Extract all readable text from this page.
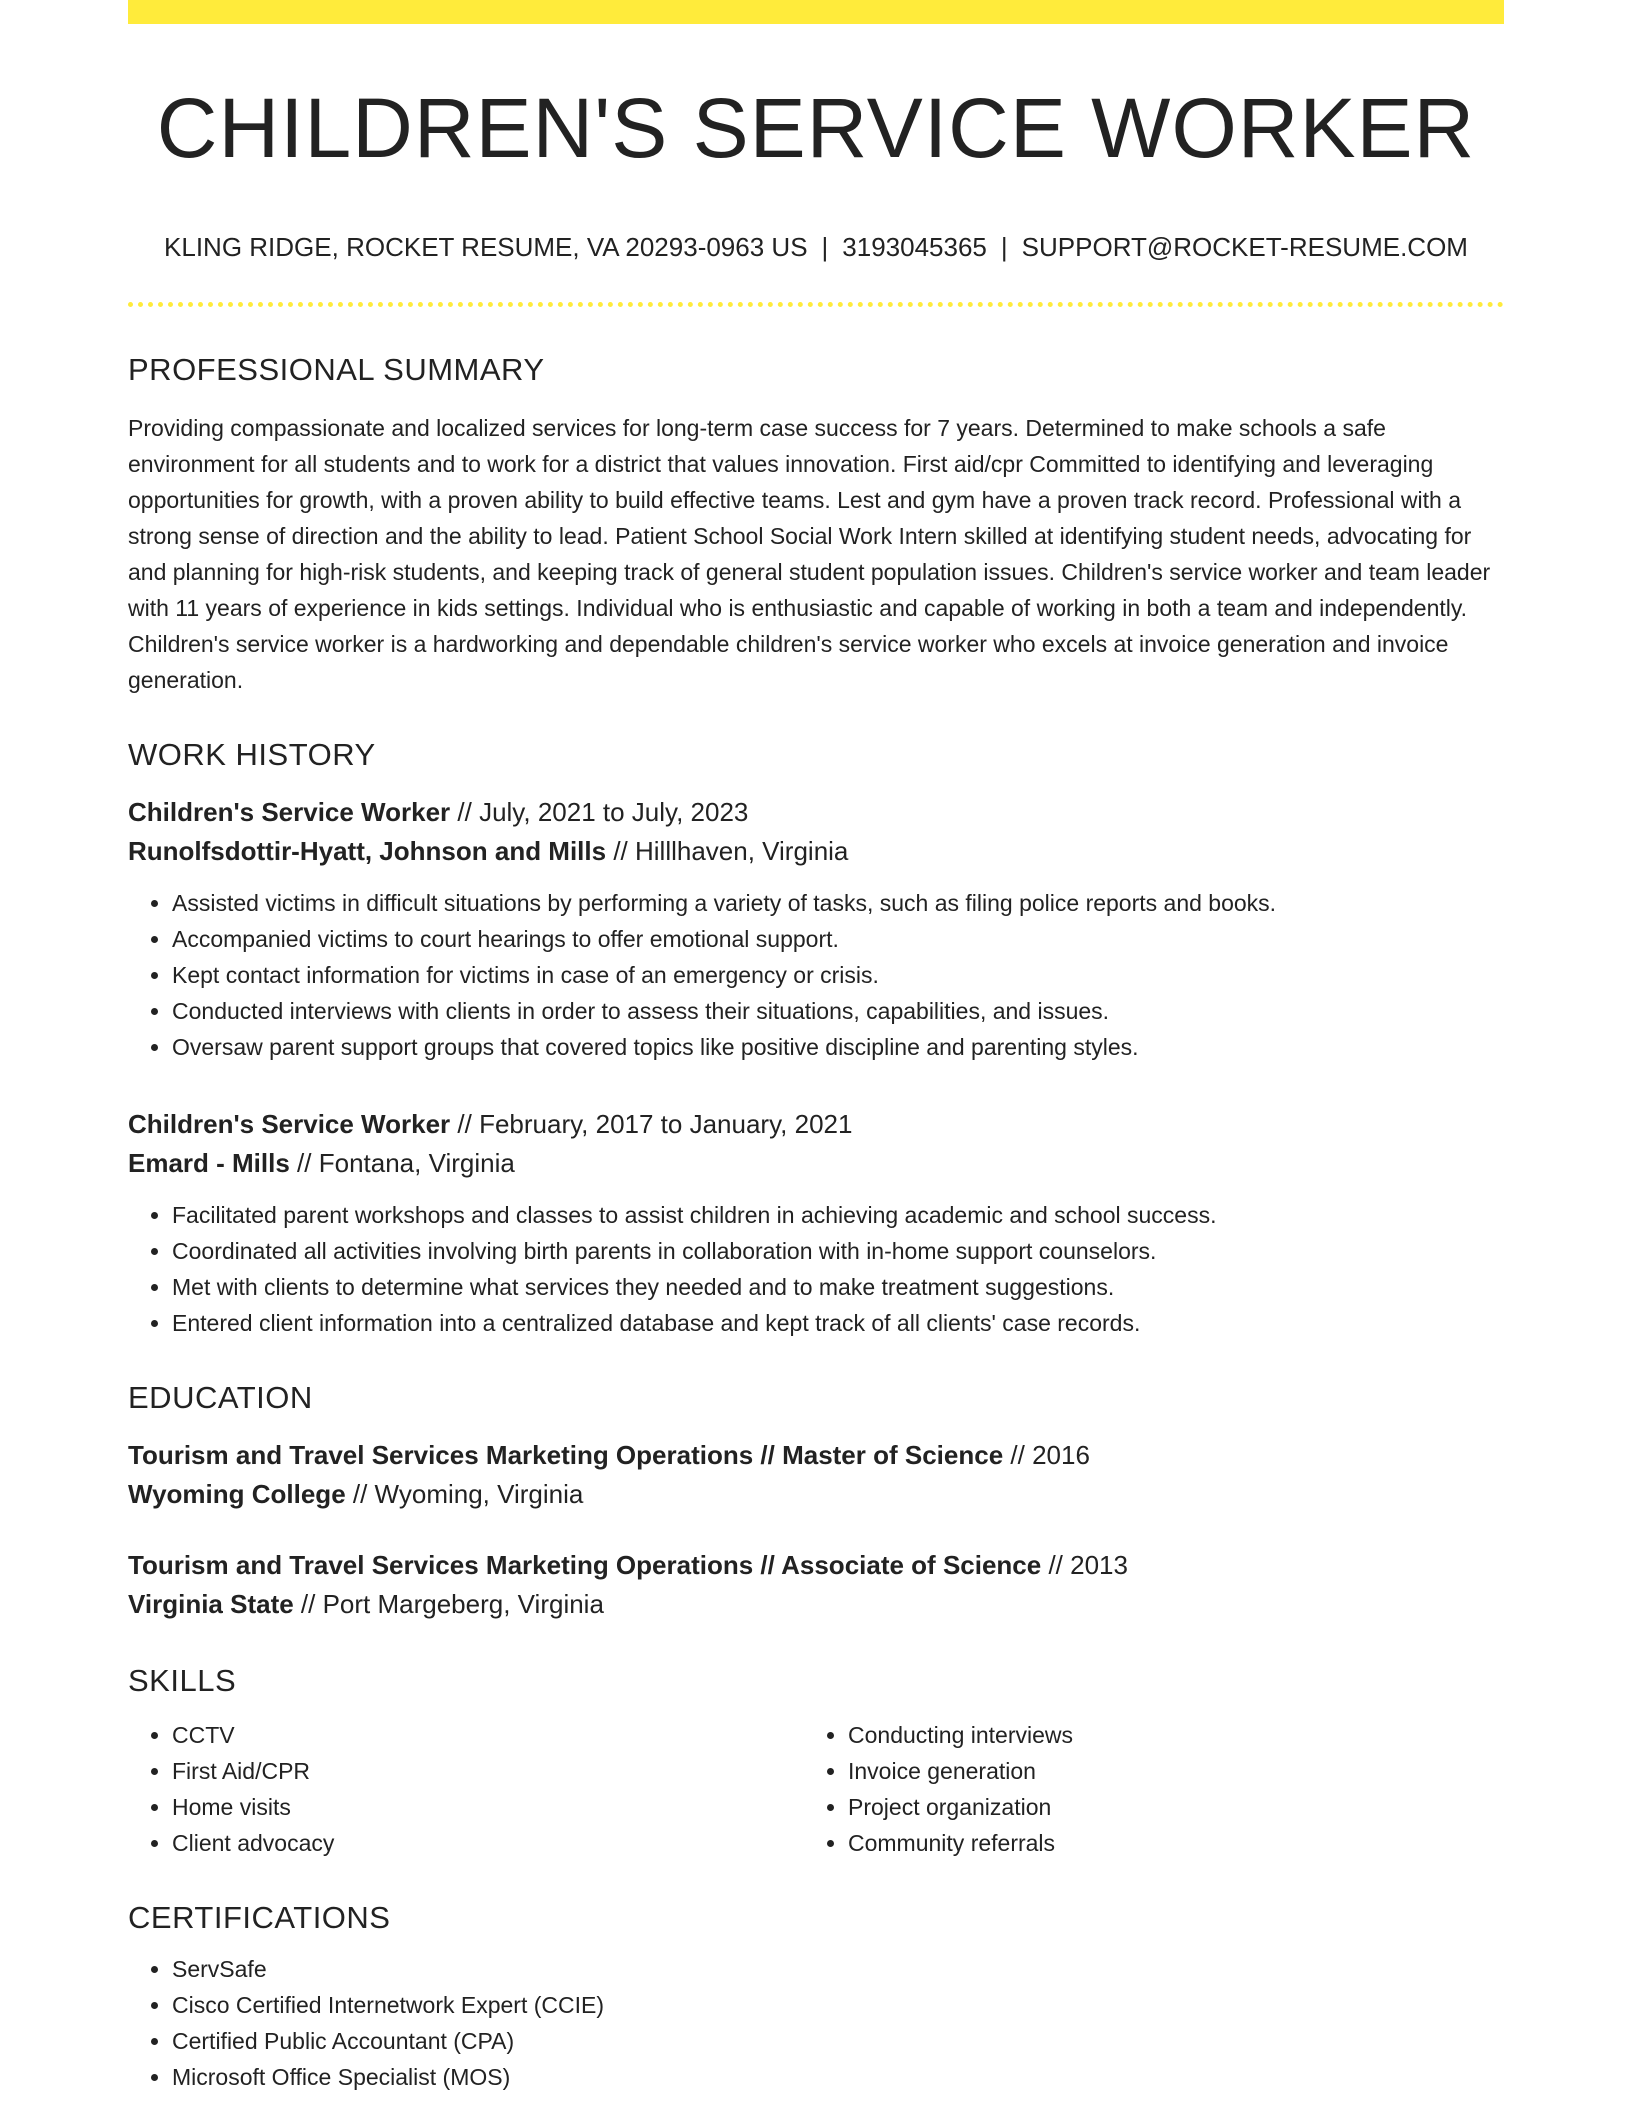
CHILDREN'S SERVICE WORKER
KLING RIDGE, ROCKET RESUME, VA 20293-0963 US | 3193045365 | SUPPORT@ROCKET-RESUME.COM
PROFESSIONAL SUMMARY

Providing compassionate and localized services for long-term case success for 7 years. Determined to make schools a safe environment for all students and to work for a district that values innovation. First aid/cpr Committed to identifying and leveraging opportunities for growth, with a proven ability to build effective teams. Lest and gym have a proven track record. Professional with a strong sense of direction and the ability to lead. Patient School Social Work Intern skilled at identifying student needs, advocating for and planning for high-risk students, and keeping track of general student population issues. Children's service worker and team leader with 11 years of experience in kids settings. Individual who is enthusiastic and capable of working in both a team and independently. Children's service worker is a hardworking and dependable children's service worker who excels at invoice generation and invoice generation.

WORK HISTORY
Children's Service Worker // July, 2021 to July, 2023
Runolfsdottir-Hyatt, Johnson and Mills // Hilllhaven, Virginia
• Assisted victims in difficult situations by performing a variety of tasks, such as filing police reports and books.
• Accompanied victims to court hearings to offer emotional support.
• Kept contact information for victims in case of an emergency or crisis.
• Conducted interviews with clients in order to assess their situations, capabilities, and issues.
• Oversaw parent support groups that covered topics like positive discipline and parenting styles.
Children's Service Worker // February, 2017 to January, 2021
Emard - Mills // Fontana, Virginia
• Facilitated parent workshops and classes to assist children in achieving academic and school success.
• Coordinated all activities involving birth parents in collaboration with in-home support counselors.
• Met with clients to determine what services they needed and to make treatment suggestions.
• Entered client information into a centralized database and kept track of all clients' case records.
EDUCATION
Tourism and Travel Services Marketing Operations // Master of Science // 2016
Wyoming College // Wyoming, Virginia
Tourism and Travel Services Marketing Operations // Associate of Science // 2013
Virginia State // Port Margeberg, Virginia
SKILLS
• CCTV
• First Aid/CPR
• Home visits
• Client advocacy
• Conducting interviews
• Invoice generation
• Project organization
• Community referrals
CERTIFICATIONS
• ServSafe
• Cisco Certified Internetwork Expert (CCIE)
• Certified Public Accountant (CPA)
• Microsoft Office Specialist (MOS)
